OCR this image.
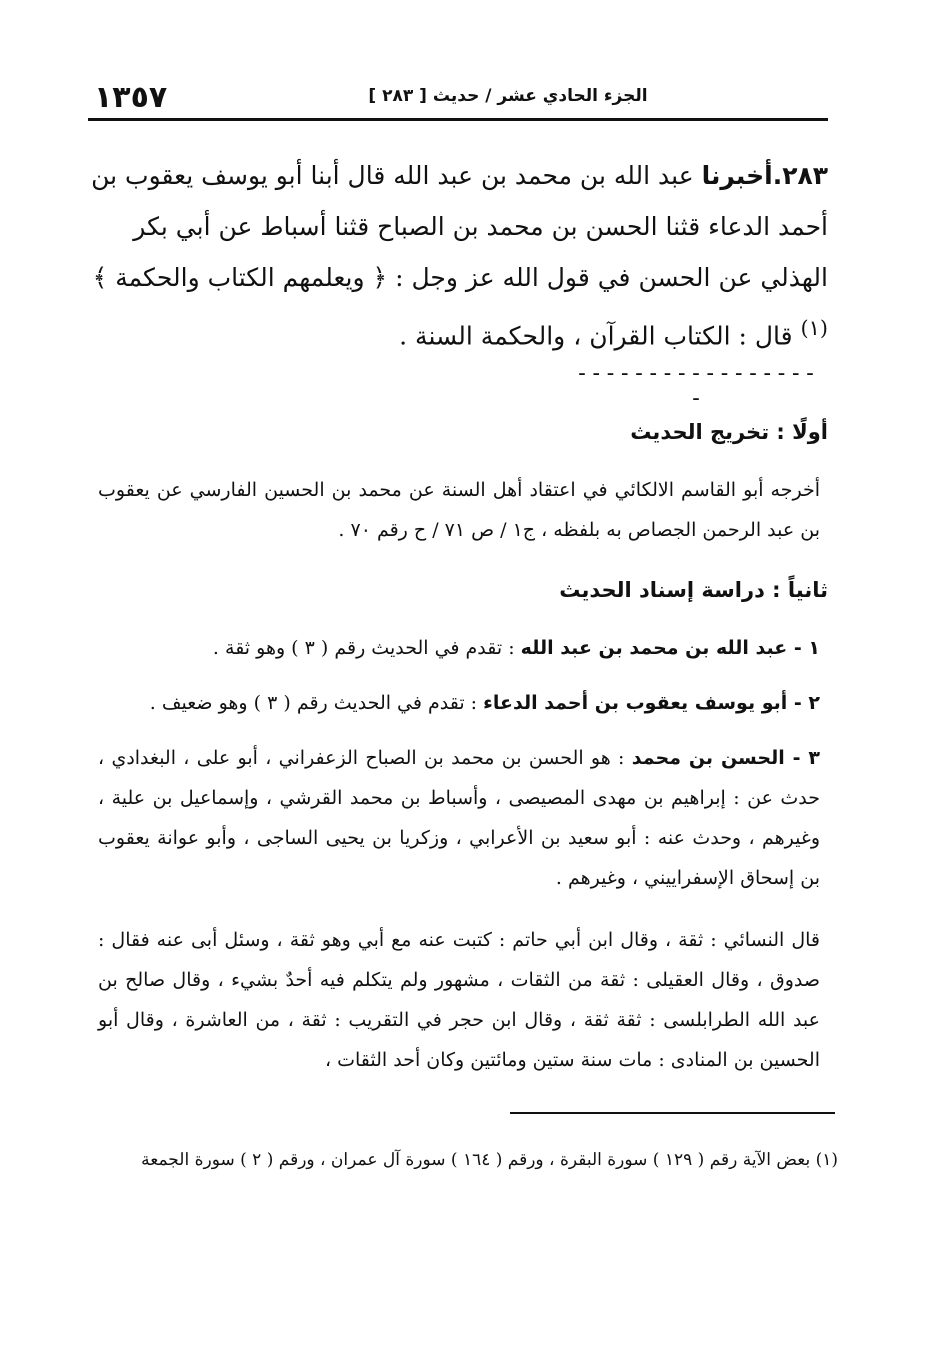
١٣٥٧	الجزء الحادي عشر / حديث [ ٢٨٣ ]
٢٨٣.أخبرنا عبد الله بن محمد بن عبد الله قال أبنا أبو يوسف يعقوب بن أحمد الدعاء قثنا الحسن بن محمد بن الصباح قثنا أسباط عن أبي بكر الهذلي عن الحسن في قول الله عز وجل : ﴿ ويعلمهم الكتاب والحكمة ﴾$^{(١)}$ قال : الكتاب القرآن ، والحكمة السنة .
------------------
أولًا : تخريج الحديث
أخرجه أبو القاسم الالكائي في اعتقاد أهل السنة عن محمد بن الحسين الفارسي عن يعقوب بن عبد الرحمن الجصاص به بلفظه ، ج١ / ص ٧١ / ح رقم ٧٠ .
ثانياً : دراسة إسناد الحديث
١ - عبد الله بن محمد بن عبد الله : تقدم في الحديث رقم ( ٣ ) وهو ثقة .
٢ - أبو يوسف يعقوب بن أحمد الدعاء : تقدم في الحديث رقم ( ٣ ) وهو ضعيف .
٣ - الحسن بن محمد : هو الحسن بن محمد بن الصباح الزعفراني ، أبو على ، البغدادي ، حدث عن : إبراهيم بن مهدى المصيصى ، وأسباط بن محمد القرشي ، وإسماعيل بن علية ، وغيرهم ، وحدث عنه : أبو سعيد بن الأعرابي ، وزكريا بن يحيى الساجى ، وأبو عوانة يعقوب بن إسحاق الإسفراييني ، وغيرهم .
قال النسائي : ثقة ، وقال ابن أبي حاتم : كتبت عنه مع أبي وهو ثقة ، وسئل أبى عنه فقال : صدوق ، وقال العقيلى : ثقة من الثقات ، مشهور ولم يتكلم فيه أحدٌ بشيء ، وقال صالح بن عبد الله الطرابلسى : ثقة ثقة ، وقال ابن حجر في التقريب : ثقة ، من العاشرة ، وقال أبو الحسين بن المنادى : مات سنة ستين ومائتين وكان أحد الثقات ،
(١) بعض الآية رقم ( ١٢٩ ) سورة البقرة ، ورقم ( ١٦٤ ) سورة آل عمران ، ورقم ( ٢ ) سورة الجمعة
